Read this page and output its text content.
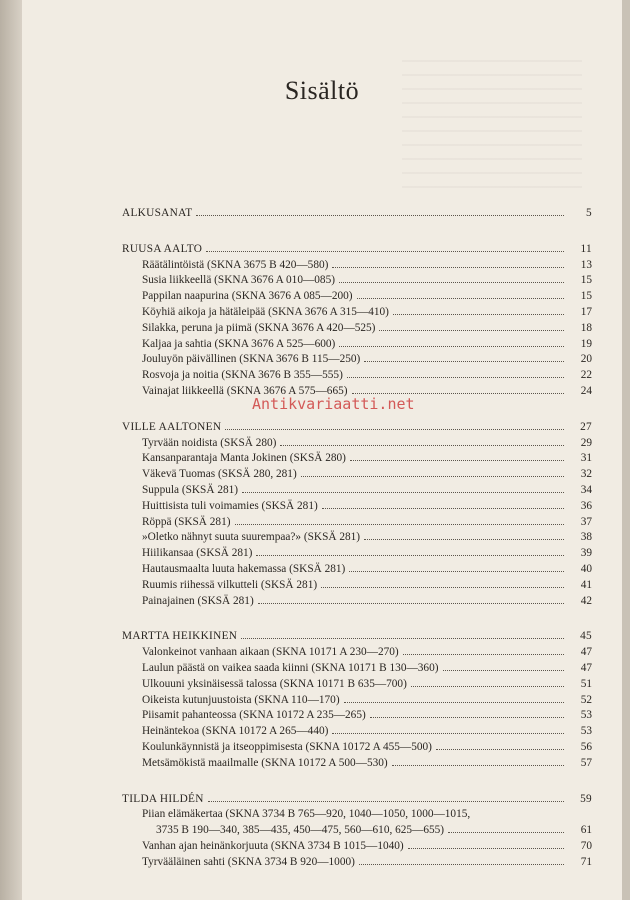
Sisältö
ALKUSANAT	5
RUUSA AALTO	11
Räätälintöistä (SKNA 3675 B 420—580)	13
Susia liikkeellä (SKNA 3676 A 010—085)	15
Pappilan naapurina (SKNA 3676 A 085—200)	15
Köyhiä aikoja ja hätäleipää (SKNA 3676 A 315—410)	17
Silakka, peruna ja piimä (SKNA 3676 A 420—525)	18
Kaljaa ja sahtia (SKNA 3676 A 525—600)	19
Jouluyön päivällinen (SKNA 3676 B 115—250)	20
Rosvoja ja noitia (SKNA 3676 B 355—555)	22
Vainajat liikkeellä (SKNA 3676 A 575—665)	24
VILLE AALTONEN	27
Tyrvään noidista (SKSÄ 280)	29
Kansanparantaja Manta Jokinen (SKSÄ 280)	31
Väkevä Tuomas (SKSÄ 280, 281)	32
Suppula (SKSÄ 281)	34
Huittisista tuli voimamies (SKSÄ 281)	36
Röppä (SKSÄ 281)	37
»Oletko nähnyt suuta suurempaa?» (SKSÄ 281)	38
Hiilikansaa (SKSÄ 281)	39
Hautausmaalta luuta hakemassa (SKSÄ 281)	40
Ruumis riihessä vilkutteli (SKSÄ 281)	41
Painajainen (SKSÄ 281)	42
MARTTA HEIKKINEN	45
Valonkeinot vanhaan aikaan (SKNA 10171 A 230—270)	47
Laulun päästä on vaikea saada kiinni (SKNA 10171 B 130—360)	47
Ulkouuni yksinäisessä talossa (SKNA 10171 B 635—700)	51
Oikeista kutunjuustoista (SKNA 110—170)	52
Piisamit pahanteossa (SKNA 10172 A 235—265)	53
Heinäntekoa (SKNA 10172 A 265—440)	53
Koulunkäynnistä ja itseoppimisesta (SKNA 10172 A 455—500)	56
Metsämökistä maailmalle (SKNA 10172 A 500—530)	57
TILDA HILDÉN	59
Piian elämäkertaa (SKNA 3734 B 765—920, 1040—1050, 1000—1015,
3735 B 190—340, 385—435, 450—475, 560—610, 625—655)	61
Vanhan ajan heinänkorjuuta (SKNA 3734 B 1015—1040)	70
Tyrvääläinen sahti (SKNA 3734 B 920—1000)	71
Antikvariaatti.net
